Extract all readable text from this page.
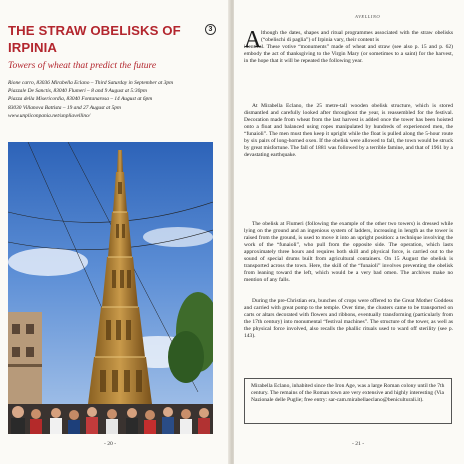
THE STRAW OBELISKS OF
IRPINIA
3
Towers of wheat that predict the future
Rione carro, 83036 Mirabella Eclano – Third Saturday in September at 3pm
Piazzale De Sanctis, 83040 Flumeri – 8 and 9 August at 5:30pm
Piazza della Misericordia, 83040 Fontanarosa – 14 August at 6pm
83030 Villanova Battista – 19 and 27 August at 5pm
www.unpliconpania.net/unpliavellino/
- 20 -
AVELLINO
A lthough the dates, shapes and ritual programmes associated with the straw obelisks (“obelischi di paglia”) of Irpinia vary, their content is
identical. These votive “monuments” made of wheat and straw (see also p. 15 and p. 62) embody the act of thanksgiving to the Virgin Mary (or sometimes to a saint) for the harvest, in the hope that it will be repeated the following year.
At Mirabella Eclano, the 25 metre-tall wooden obelisk structure, which is stored dismantled and carefully looked after throughout the year, is reassembled for the festival. Decoration made from wheat from the last harvest is added once the tower has been hoisted onto a float and balanced using ropes manipulated by hundreds of experienced men, the “funaioli”. The men must then keep it upright while the float is pulled along the 5-hour route by six pairs of long-horned oxen. If the obelisk were allowed to fall, the town would be struck by great misfortune. The fall of 1881 was followed by a terrible famine, and that of 1961 by a devastating earthquake.
The obelisk at Flumeri (following the example of the other two towers) is dressed while lying on the ground and an ingenious system of ladders, increasing in length as the tower is raised from the ground, is used to move it into an upright position: a technique involving the work of the “funaioli”, who pull from the opposite side. The operation, which lasts approximately three hours and requires both skill and physical force, is carried out to the sound of special drums built from agricultural containers. On 15 August the obelisk is transported across the town. Here, the skill of the “funaioli” involves preventing the obelisk from leaning toward the left, which would be a very bad omen. The archives make no mention of any falls.
During the pre-Christian era, bunches of crops were offered to the Great Mother Goddess and carried with great pomp to the temple. Over time, the clusters came to be transported on carts or altars decorated with flowers and ribbons, eventually transforming (particularly from the 17th century) into monumental “festival machines”. The structure of the tower, as well as the physical force involved, also recalls the phallic rituals used to ward off sterility (see p. 143).
Mirabella Eclano, inhabited since the Iron Age, was a large Roman colony until the 7th century. The remains of the Roman town are very extensive and highly interesting (Via Nazionale delle Puglie; free entry: sar-cam.mirabellaeclano@beniculturali.it).
- 21 -
